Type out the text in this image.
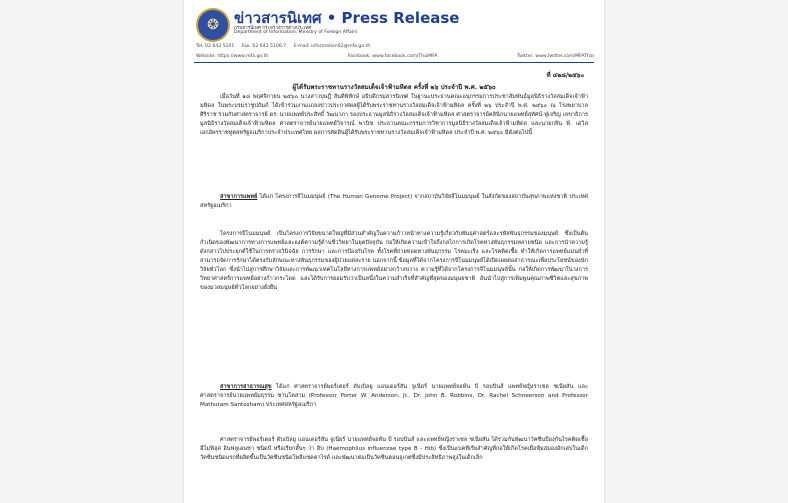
❂	ข่าวสารนิเทศ • Press Release
กรมสารนิเทศ กระทรวงการต่างประเทศ
Department of Information, Ministry of Foreign Affairs
Tel. 02 643 5101 Fax. 02 643 5106-7 E-mail: information02@mfa.go.th
Website: https://www.mfa.go.th	Facebook: www.facebook.com/ThaiMFA	Twitter: www.twitter.com/MFAThai
ที่ ๔๒๘/๒๕๖๐
ผู้ได้รับพระราชทานรางวัลสมเด็จเจ้าฟ้ามหิดล ครั้งที่ ๒๖ ประจำปี พ.ศ. ๒๕๖๐

เมื่อวันที่ ๑๘ พฤศจิกายน ๒๕๖๐ นางสาวบุษฎี สันติพิทักษ์ อธิบดีกรมสารนิเทศ ในฐานะประธานคณะอนุกรรมการประชาสัมพันธ์มูลนิธิรางวัลสมเด็จเจ้าฟ้ามหิดล ในพระบรมราชูปถัมภ์ ได้เข้าร่วมงานแถลงข่าวประกาศผลผู้ได้รับพระราชทานรางวัลสมเด็จเจ้าฟ้ามหิดล ครั้งที่ ๒๖ ประจำปี พ.ศ. ๒๕๖๐ ณ โรงพยาบาลศิริราช ร่วมกับศาสตราจารย์ ดร. นายแพทย์ประสิทธิ์ วัฒนาภา รองประธานมูลนิธิรางวัลสมเด็จเจ้าฟ้ามหิดล ศาสตราจารย์คลินิกนายแพทย์สุทัศน์ ฟู่เจริญ เลขาธิการมูลนิธิรางวัลสมเด็จเจ้าฟ้ามหิดล ศาสตราจารย์นายแพทย์วิจารณ์ พานิช ประธานคณะกรรมการวิชาการมูลนิธิรางวัลสมเด็จเจ้าฟ้ามหิดล และนายกสิน พี. เดวิส เอกอัครราชทูตสหรัฐอเมริกาประจำประเทศไทย ผลการตัดสินผู้ได้รับพระราชทานรางวัลสมเด็จเจ้าฟ้ามหิดล ประจำปี พ.ศ. ๒๕๖๐ มีดังต่อไปนี้

สาขาการแพทย์ ได้แก่ โครงการจีโนมมนุษย์ (The Human Genome Project) จากสถาบันวิจัยจีโนมมนุษย์ ในสังกัดของสถาบันสุขภาพแห่งชาติ ประเทศสหรัฐอเมริกา

โครงการจีโนมมนุษย์ เป็นโครงการวิจัยขนาดใหญ่ที่มีส่วนสำคัญในความก้าวหน้าทางความรู้เกี่ยวกับพันธุศาสตร์และรหัสพันธุกรรมของมนุษย์ ซึ่งเป็นต้นกำเนิดของพัฒนาการทางการแพทย์และองค์ความรู้ด้านชีววิทยาในยุคปัจจุบัน ก่อให้เกิดความเข้าใจถึงกลไกการเกิดโรคทางพันธุกรรมหลายชนิด และการนำความรู้ดังกล่าวไปประยุกต์ใช้ในการตรวจวินิจฉัย การรักษา และการป้องกันโรค ทั้งโรคที่ถ่ายทอดทางพันธุกรรม โรคมะเร็ง และโรคติดเชื้อ ทำให้เกิดการแพทย์แม่นยำที่สามารถจัดการรักษาได้ตรงกับลักษณะทางพันธุกรรมของผู้ป่วยแต่ละราย นอกจากนี้ ข้อมูลที่ได้จากโครงการจีโนมมนุษย์ได้เปิดเผยต่อสาธารณะเพื่อประโยชน์ของนักวิจัยทั่วโลก ซึ่งนำไปสู่การศึกษาวิจัยและการพัฒนาเทคโนโลยีทางการแพทย์อย่างกว้างขวาง ความรู้ที่ได้จากโครงการจีโนมมนุษย์นั้น ก่อให้เกิดการพัฒนาในวงการวิทยาศาสตร์การแพทย์อย่างก้าวกระโดด และได้รับการยอมรับว่าเป็นหนึ่งในความสำเร็จที่สำคัญที่สุดของมนุษยชาติ อันนำไปสู่การเพิ่มพูนคุณภาพชีวิตและสุขภาพของมวลมนุษย์ทั่วโลกอย่างยั่งยืน

สาขาการสาธารณสุข ได้แก่ ศาสตราจารย์พอร์เตอร์ ดับเบิลยู แอนเดอร์สัน จูเนียร์ นายแพทย์จอห์น บี รอบบินส์ แพทย์หญิงราเชล ชเนียสัน และศาสตราจารย์นายแพทย์มธุรรม ซานโตสาม (Professor Porter W. Anderson, Jr., Dr. John B. Robbins, Dr. Rachel Schneerson and Professor Mathuram Santosham) ประเทศสหรัฐอเมริกา

ศาสตราจารย์พอร์เตอร์ ดับเบิลยู แอนเดอร์สัน จูเนียร์ นายแพทย์จอห์น บี รอบบินส์ และแพทย์หญิงราเชล ชเนียสัน ได้ร่วมกันพัฒนาวัคซีนป้องกันโรคติดเชื้อฮีโมฟิลุส อินฟลูเอนซา ชนิดบี หรือเรียกสั้นๆ ว่า ฮิบ (Haemophilus influenzae type B - Hib) ซึ่งเป็นแบคทีเรียสำคัญที่ก่อให้เกิดโรคเยื่อหุ้มสมองอักเสบในเด็ก วัคซีนชนิดแรกที่ผลิตขึ้นเป็นวัคซีนชนิดโพลีแซคคาไรด์ และพัฒนาต่อเป็นวัคซีนคอนจูเกตซึ่งมีประสิทธิภาพสูงในเด็กเล็ก
